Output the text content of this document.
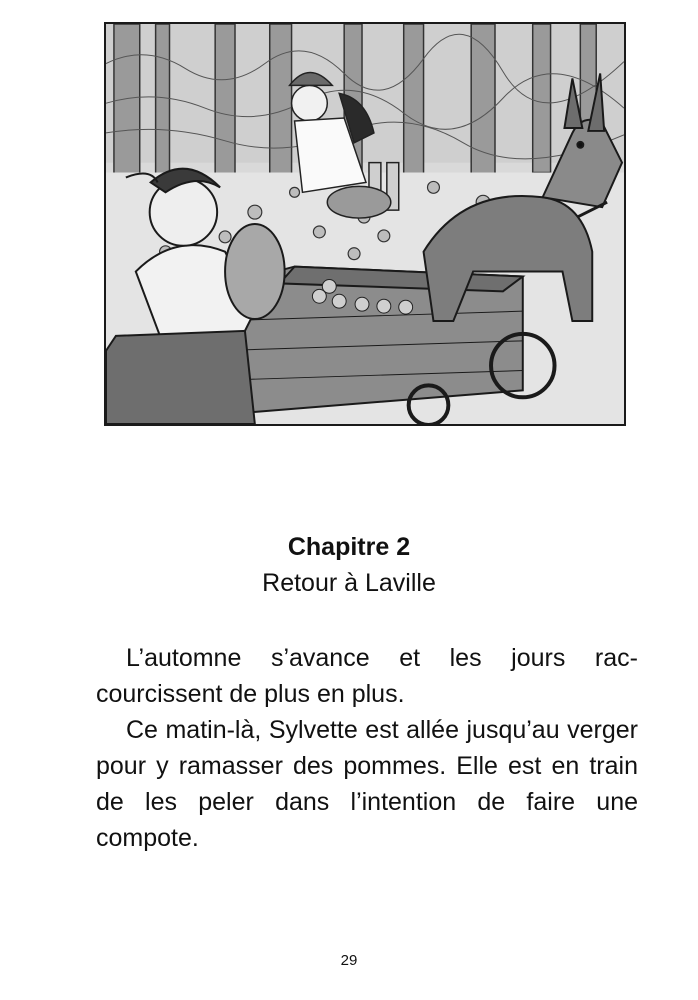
Chapitre 2
Retour à Laville

L’automne s’avance et les jours raccourcissent de plus en plus.

Ce matin-là, Sylvette est allée jusqu’au verger pour y ramasser des pommes. Elle est en train de les peler dans l’intention de faire une compote.

29
